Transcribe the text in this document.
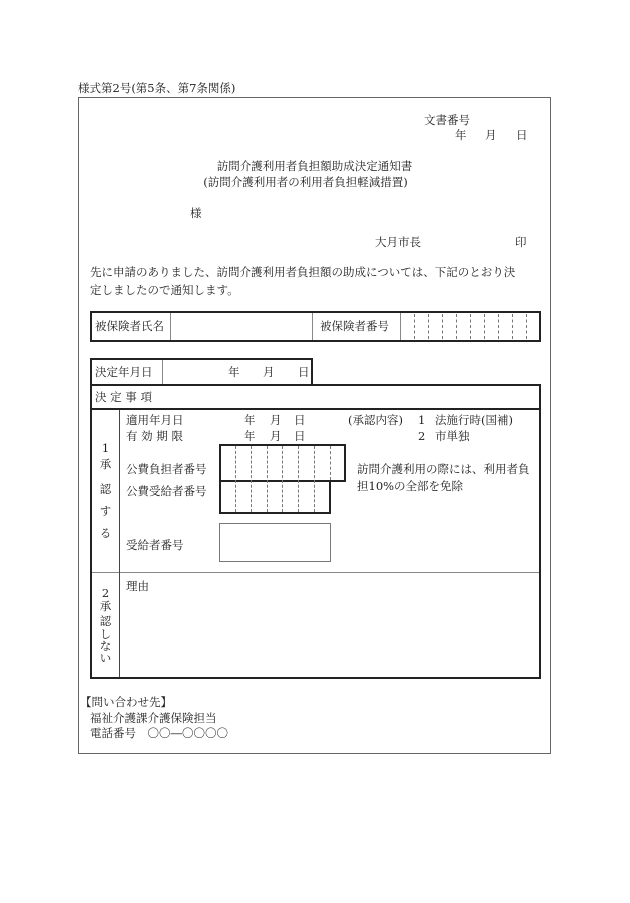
様式第2号(第5条、第7条関係)
文書番号
年 月 日
訪問介護利用者負担額助成決定通知書
(訪問介護利用者の利用者負担軽減措置)
様
大月市長	印
先に申請のありました、訪問介護利用者負担額の助成については、下記のとおり決
定しましたので通知します。
被保険者氏名	被保険者番号
決定年月日	年 月 日
決 定 事 項
1
承
認
す
る
適用年月日	年 月 日	(承認内容) 1 法施行時(国補)
有 効 期 限	年 月 日	2 市単独
公費負担者番号
公費受給者番号
訪問介護利用の際には、利用者負
担10%の全部を免除
受給者番号
2
承
認
し
な
い
理由
【問い合わせ先】
福祉介護課介護保険担当
電話番号　〇〇―〇〇〇〇
